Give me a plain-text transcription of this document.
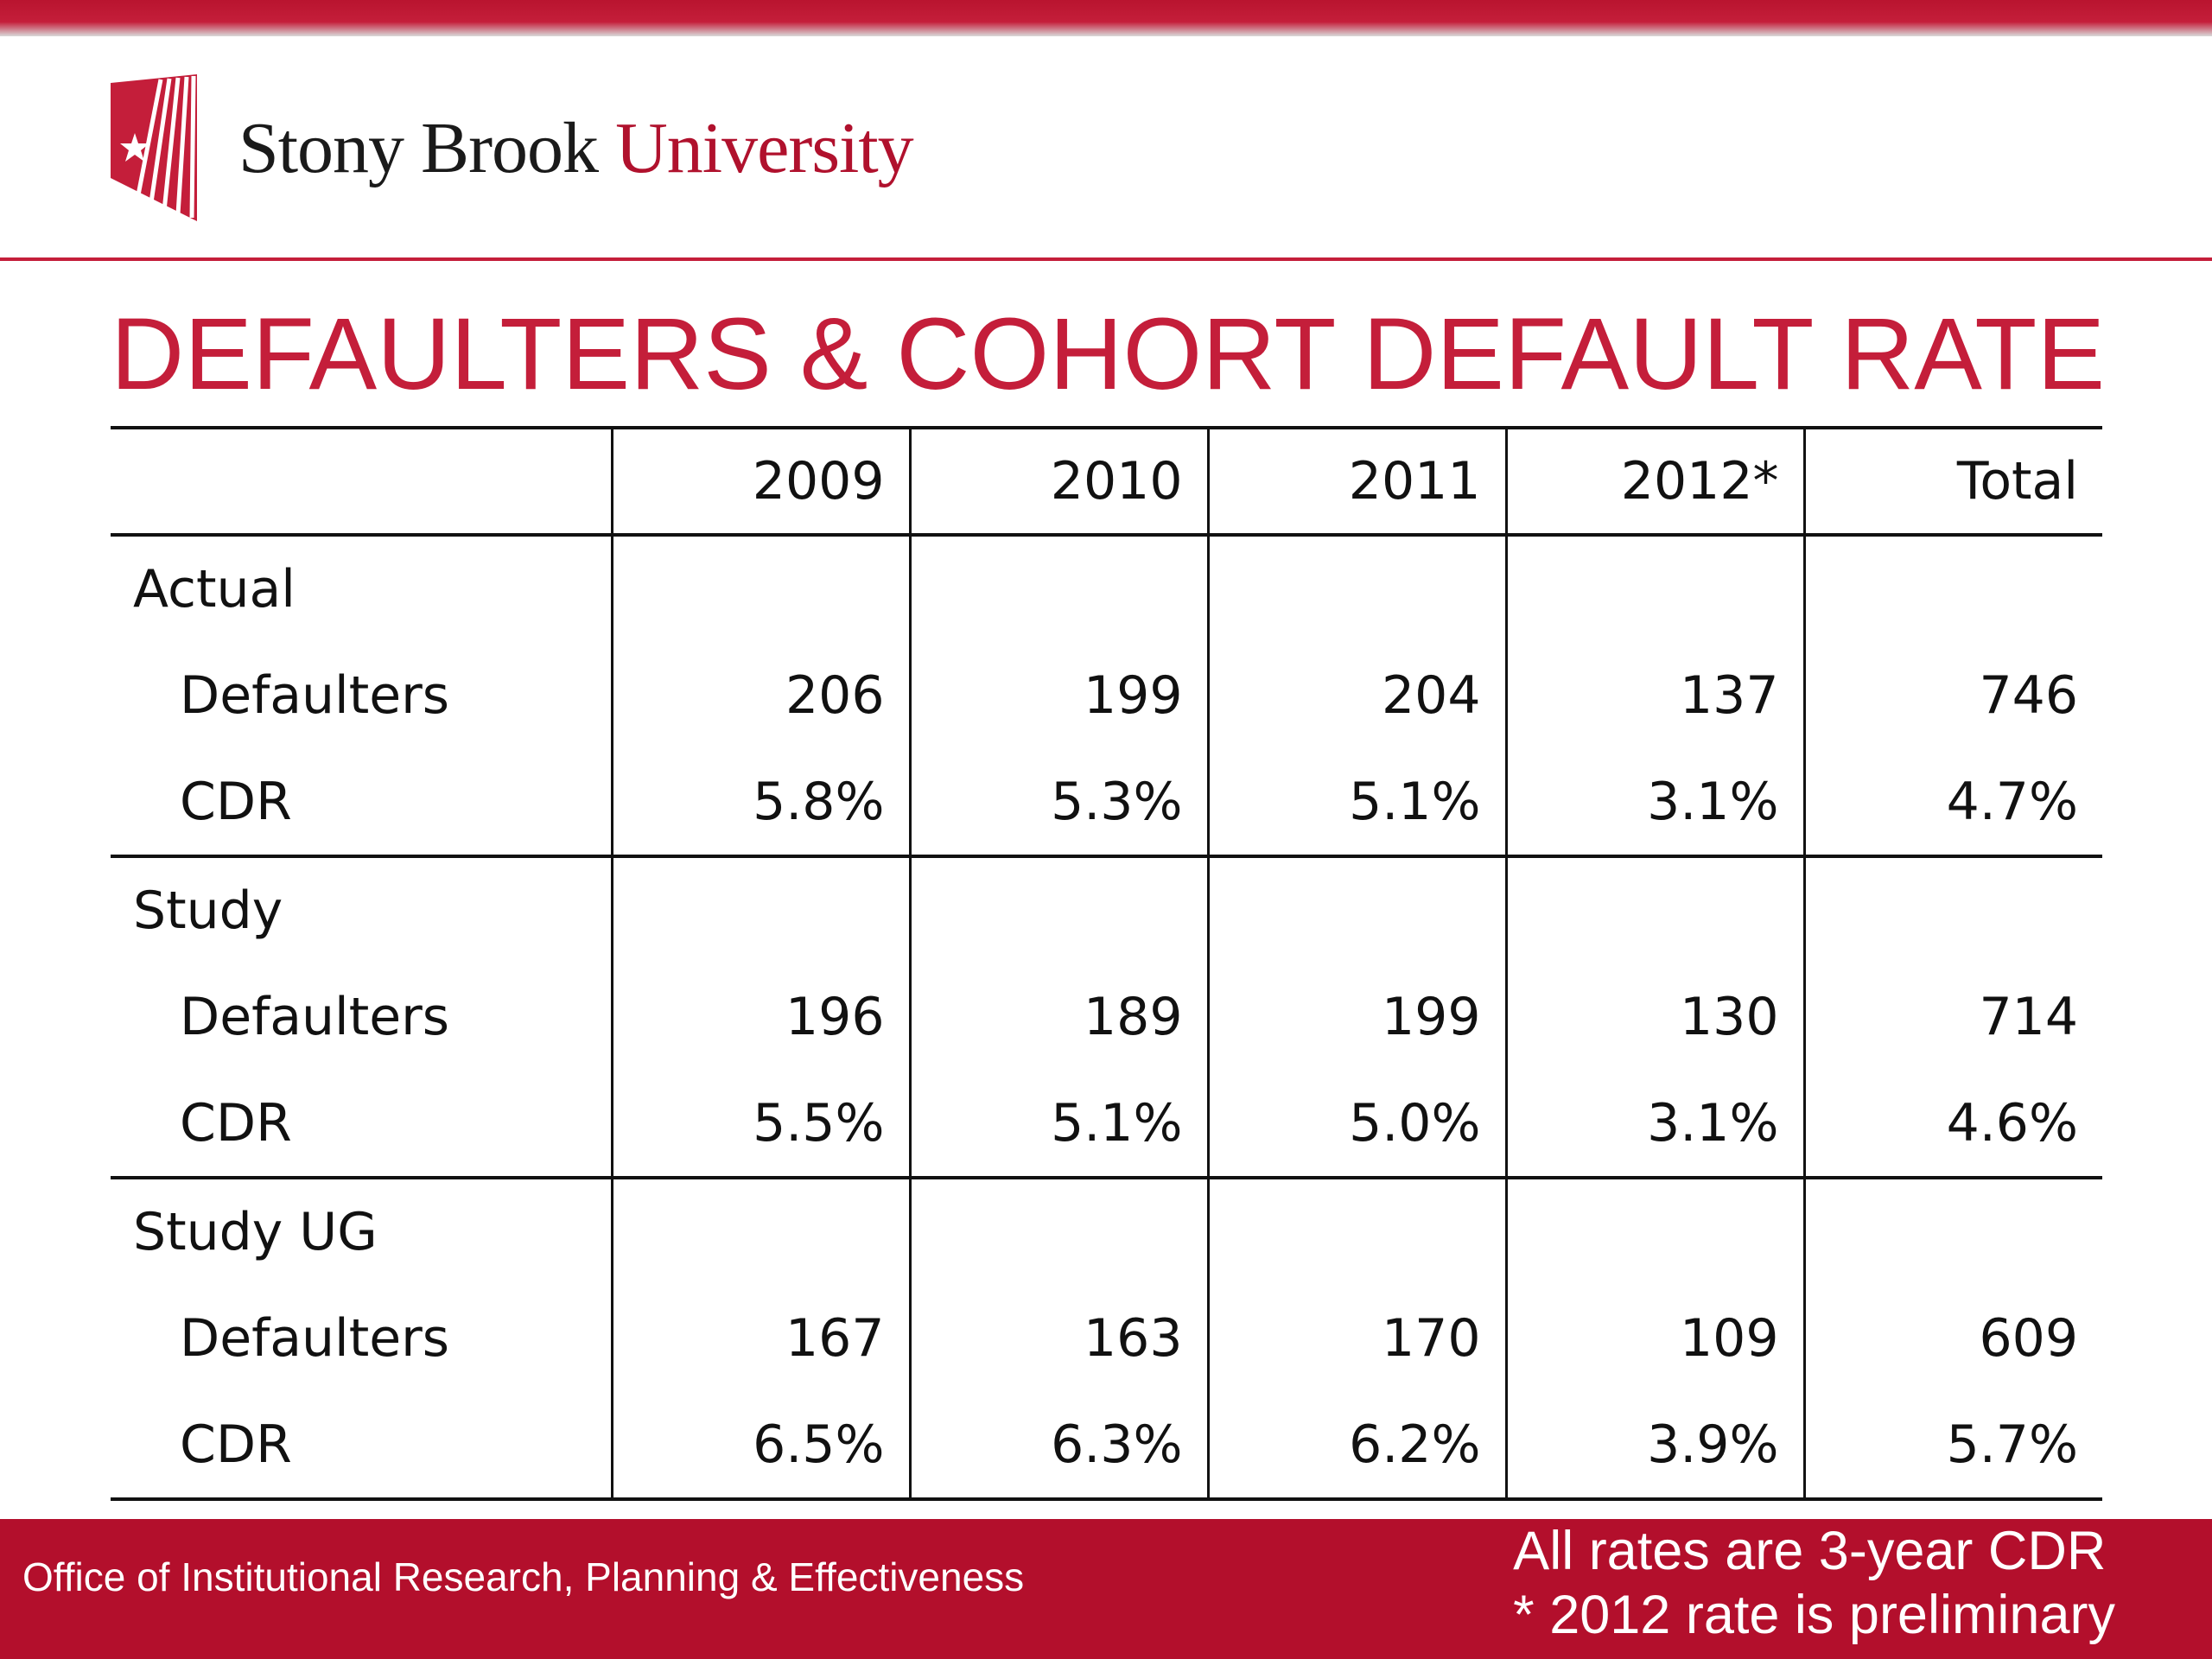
Stony Brook University
DEFAULTERS & COHORT DEFAULT RATE
	2009	2010	2011	2012*	Total
Actual					
Defaulters	206	199	204	137	746
CDR	5.8%	5.3%	5.1%	3.1%	4.7%
Study					
Defaulters	196	189	199	130	714
CDR	5.5%	5.1%	5.0%	3.1%	4.6%
Study UG					
Defaulters	167	163	170	109	609
CDR	6.5%	6.3%	6.2%	3.9%	5.7%
Office of Institutional Research, Planning & Effectiveness	All rates are 3-year CDR
* 2012 rate is preliminary
